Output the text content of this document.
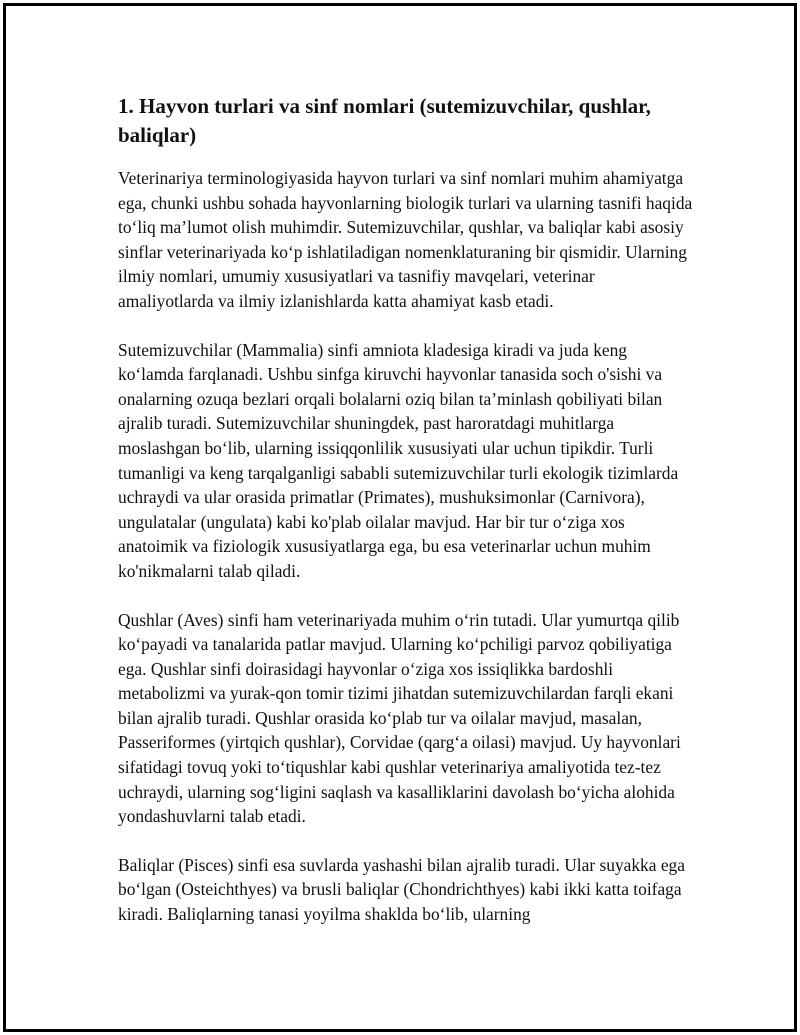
1. Hayvon turlari va sinf nomlari (sutemizuvchilar, qushlar, baliqlar)

Veterinariya terminologiyasida hayvon turlari va sinf nomlari muhim ahamiyatga ega, chunki ushbu sohada hayvonlarning biologik turlari va ularning tasnifi haqida to‘liq ma’lumot olish muhimdir. Sutemizuvchilar, qushlar, va baliqlar kabi asosiy sinflar veterinariyada ko‘p ishlatiladigan nomenklaturaning bir qismidir. Ularning ilmiy nomlari, umumiy xususiyatlari va tasnifiy mavqelari, veterinar amaliyotlarda va ilmiy izlanishlarda katta ahamiyat kasb etadi.

Sutemizuvchilar (Mammalia) sinfi amniota kladesiga kiradi va juda keng ko‘lamda farqlanadi. Ushbu sinfga kiruvchi hayvonlar tanasida soch o'sishi va onalarning ozuqa bezlari orqali bolalarni oziq bilan ta’minlash qobiliyati bilan ajralib turadi. Sutemizuvchilar shuningdek, past haroratdagi muhitlarga moslashgan bo‘lib, ularning issiqqonlilik xususiyati ular uchun tipikdir. Turli tumanligi va keng tarqalganligi sababli sutemizuvchilar turli ekologik tizimlarda uchraydi va ular orasida primatlar (Primates), mushuksimonlar (Carnivora), ungulatalar (ungulata) kabi ko'plab oilalar mavjud. Har bir tur o‘ziga xos anatoimik va fiziologik xususiyatlarga ega, bu esa veterinarlar uchun muhim ko'nikmalarni talab qiladi.

Qushlar (Aves) sinfi ham veterinariyada muhim o‘rin tutadi. Ular yumurtqa qilib ko‘payadi va tanalarida patlar mavjud. Ularning ko‘pchiligi parvoz qobiliyatiga ega. Qushlar sinfi doirasidagi hayvonlar o‘ziga xos issiqlikka bardoshli metabolizmi va yurak-qon tomir tizimi jihatdan sutemizuvchilardan farqli ekani bilan ajralib turadi. Qushlar orasida ko‘plab tur va oilalar mavjud, masalan, Passeriformes (yirtqich qushlar), Corvidae (qarg‘a oilasi) mavjud. Uy hayvonlari sifatidagi tovuq yoki to‘tiqushlar kabi qushlar veterinariya amaliyotida tez-tez uchraydi, ularning sog‘ligini saqlash va kasalliklarini davolash bo‘yicha alohida yondashuvlarni talab etadi.

Baliqlar (Pisces) sinfi esa suvlarda yashashi bilan ajralib turadi. Ular suyakka ega bo‘lgan (Osteichthyes) va brusli baliqlar (Chondrichthyes) kabi ikki katta toifaga kiradi. Baliqlarning tanasi yoyilma shaklda bo‘lib, ularning
